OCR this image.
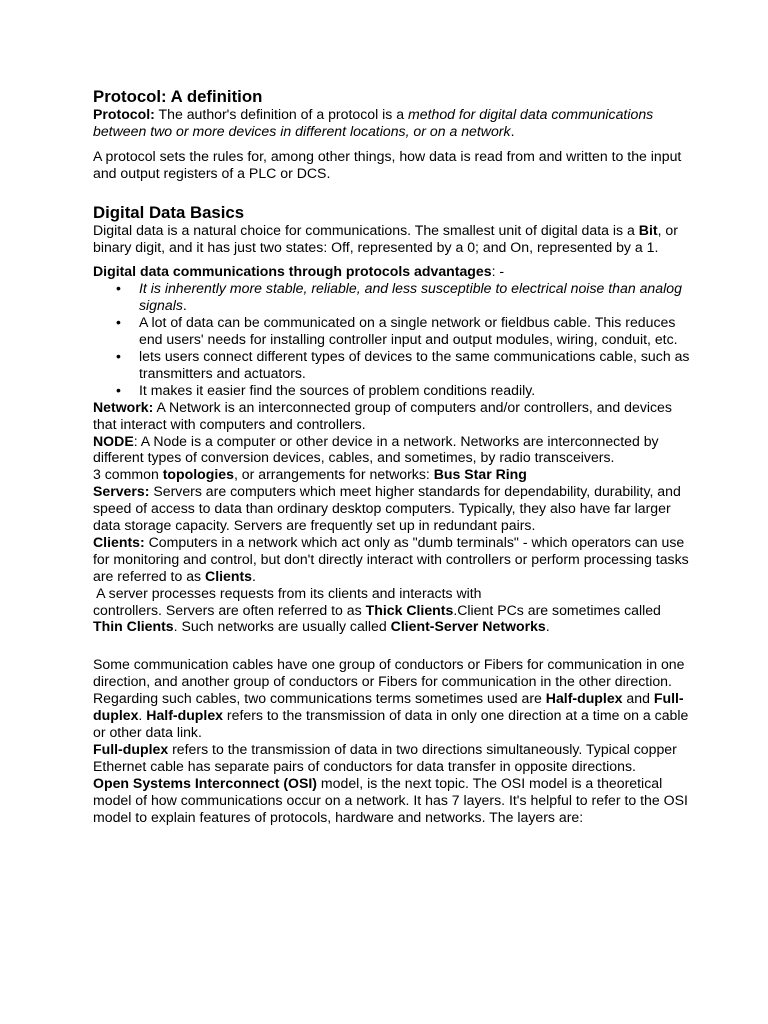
Protocol: A definition

Protocol: The author's definition of a protocol is a method for digital data communications between two or more devices in different locations, or on a network.

A protocol sets the rules for, among other things, how data is read from and written to the input and output registers of a PLC or DCS.

Digital Data Basics

Digital data is a natural choice for communications. The smallest unit of digital data is a Bit, or binary digit, and it has just two states: Off, represented by a 0; and On, represented by a 1.

Digital data communications through protocols advantages: -

• It is inherently more stable, reliable, and less susceptible to electrical noise than analog signals.
• A lot of data can be communicated on a single network or fieldbus cable. This reduces end users' needs for installing controller input and output modules, wiring, conduit, etc.
• lets users connect different types of devices to the same communications cable, such as transmitters and actuators.
• It makes it easier find the sources of problem conditions readily.

Network: A Network is an interconnected group of computers and/or controllers, and devices that interact with computers and controllers.

NODE: A Node is a computer or other device in a network. Networks are interconnected by different types of conversion devices, cables, and sometimes, by radio transceivers.

3 common topologies, or arrangements for networks: Bus Star Ring

Servers: Servers are computers which meet higher standards for dependability, durability, and speed of access to data than ordinary desktop computers. Typically, they also have far larger data storage capacity. Servers are frequently set up in redundant pairs.

Clients: Computers in a network which act only as "dumb terminals" - which operators can use for monitoring and control, but don't directly interact with controllers or perform processing tasks are referred to as Clients.

A server processes requests from its clients and interacts with

controllers. Servers are often referred to as Thick Clients.Client PCs are sometimes called Thin Clients. Such networks are usually called Client-Server Networks.

Some communication cables have one group of conductors or Fibers for communication in one direction, and another group of conductors or Fibers for communication in the other direction. Regarding such cables, two communications terms sometimes used are Half-duplex and Full-duplex. Half-duplex refers to the transmission of data in only one direction at a time on a cable or other data link.

Full-duplex refers to the transmission of data in two directions simultaneously. Typical copper Ethernet cable has separate pairs of conductors for data transfer in opposite directions.

Open Systems Interconnect (OSI) model, is the next topic. The OSI model is a theoretical model of how communications occur on a network. It has 7 layers. It's helpful to refer to the OSI model to explain features of protocols, hardware and networks. The layers are:
